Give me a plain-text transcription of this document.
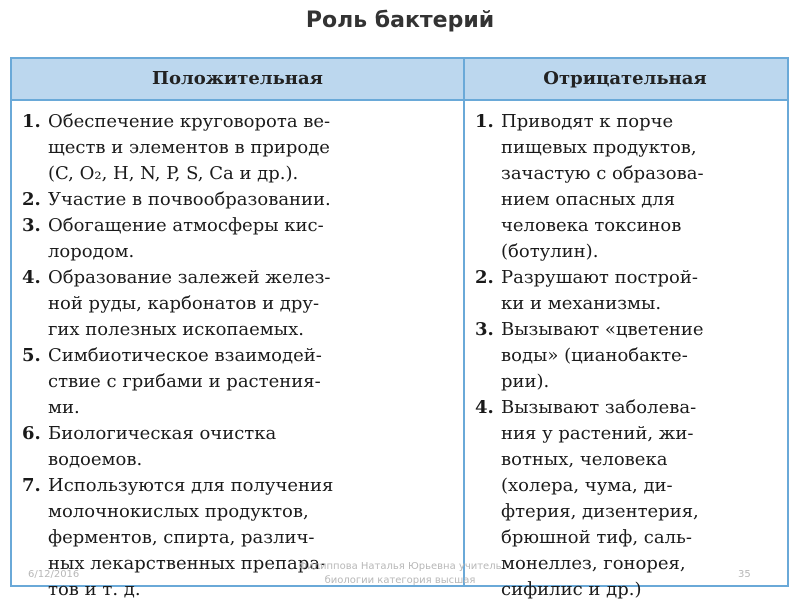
Роль бактерий
Положительная	Отрицательная
1. Обеспечение круговорота ве-
ществ и элементов в природе
(C, O₂, H, N, P, S, Ca и др.).
2. Участие в почвообразовании.
3. Обогащение атмосферы кис-
лородом.
4. Образование залежей желез-
ной руды, карбонатов и дру-
гих полезных ископаемых.
5. Симбиотическое взаимодей-
ствие с грибами и растения-
ми.
6. Биологическая очистка
водоемов.
7. Используются для получения
молочнокислых продуктов,
ферментов, спирта, различ-
ных лекарственных препара-
тов и т. д.
1. Приводят к порче
пищевых продуктов,
зачастую с образова-
нием опасных для
человека токсинов
(ботулин).
2. Разрушают построй-
ки и механизмы.
3. Вызывают «цветение
воды» (цианобакте-
рии).
4. Вызывают заболева-
ния у растений, жи-
вотных, человека
(холера, чума, ди-
фтерия, дизентерия,
брюшной тиф, саль-
монеллез, гонорея,
сифилис и др.)
6/12/2016
Филиппова Наталья Юрьевна учитель
биологии категория высшая
35
